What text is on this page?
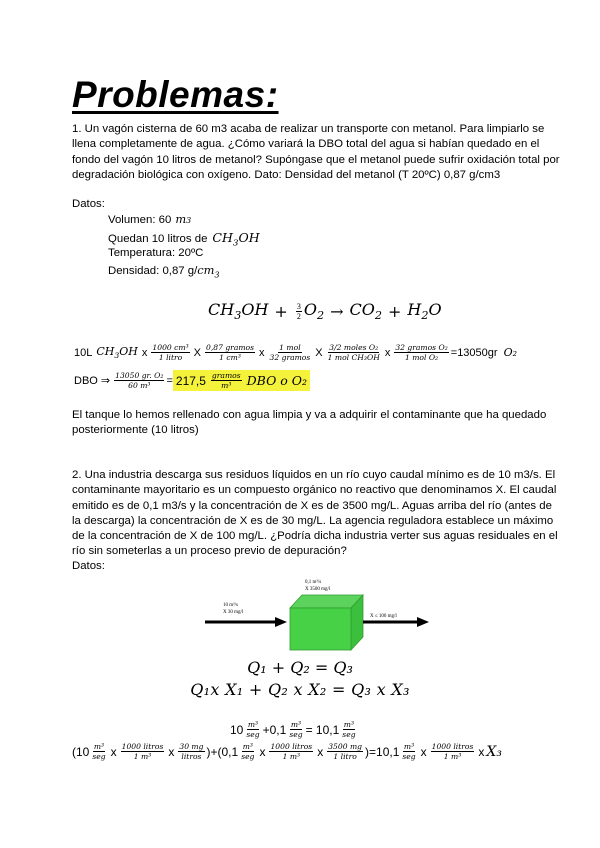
Problemas:
1. Un vagón cisterna de 60 m3 acaba de realizar un transporte con metanol. Para limpiarlo se llena completamente de agua. ¿Cómo variará la DBO total del agua si habían quedado en el fondo del vagón 10 litros de metanol? Supóngase que el metanol puede sufrir oxidación total por degradación biológica con oxígeno. Dato: Densidad del metanol (T 20ºC) 0,87 g/cm3
Datos:
Volumen: 60 m 3
Quedan 10 litros de $CH_3OH$
Temperatura: 20ºC
Densidad: 0,87 g/ $cm_3$
$CH_3OH + \frac{3}{2} O_2 \to CO_2 + H_2O$
10L $CH_3OH$ x $\frac{\text{1000 cm³}}{\text{1 litro}}$ X $\frac{\text{0,87 gramos}}{\text{1 cm³}}$ x $\frac{\text{1 mol}}{\text{32 gramos}}$ X $\frac{\text{3/2 moles O₂}}{\text{1 mol CH₃OH}}$ x $\frac{\text{32 gramos O₂}}{\text{1 mol O₂}} =13050gr$ O₂
DBO ⇒ $\frac{\text{13050 gr. O₂}}{\text{60 m³}} = 217,5 \frac{\text{gramos}}{\text{m³}}$ DBO o O₂
El tanque lo hemos rellenado con agua limpia y va a adquirir el contaminante que ha quedado posteriormente (10 litros)
2. Una industria descarga sus residuos líquidos en un río cuyo caudal mínimo es de 10 m3/s. El contaminante mayoritario es un compuesto orgánico no reactivo que denominamos X. El caudal emitido es de 0,1 m3/s y la concentración de X es de 3500 mg/L. Aguas arriba del río (antes de la descarga) la concentración de X es de 30 mg/L. La agencia reguladora establece un máximo de la concentración de X de 100 mg/L. ¿Podría dicha industria verter sus aguas residuales en el río sin someterlas a un proceso previo de depuración?
Datos:
0,1 m³/s
X 3500 mg/l
10 m³/s
X 30 mg/l
X ≤ 100 mg/l
Q₁ + Q₂ = Q₃
Q₁x X₁ + Q₂ x X₂ = Q₃ x X₃
$10 \frac{\text{m³}}{\text{seg}} +0,1 \frac{\text{m³}}{\text{seg}} = 10,1 \frac{\text{m³}}{\text{seg}}$
($10 \frac{\text{m³}}{\text{seg}}$ x $\frac{\text{1000 litros}}{\text{1 m³}}$ x $\frac{30 mg}{\text{litros}} )+(0,1 \frac{\text{m³}}{\text{seg}}$ x $\frac{\text{1000 litros}}{\text{1 m³}}$ x $\frac{3500 mg}{\text{1 litro}} )=10,1 \frac{\text{m³}}{\text{seg}}$ x $\frac{\text{1000 litros}}{\text{1 m³}}$ x X₃
